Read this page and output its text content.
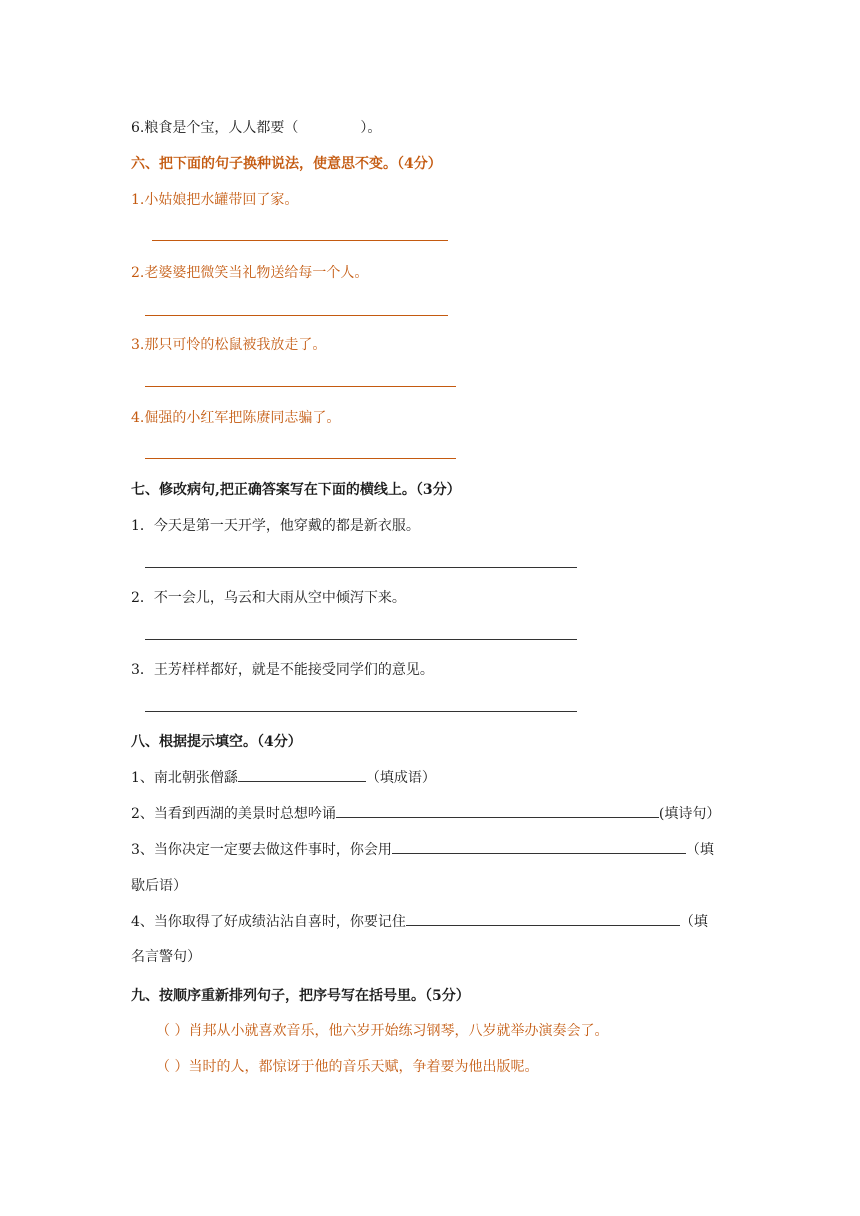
6.粮食是个宝，人人都要（	）。
六、把下面的句子换种说法，使意思不变。（4分）
1.小姑娘把水罐带回了家。
2.老婆婆把微笑当礼物送给每一个人。
3.那只可怜的松鼠被我放走了。
4.倔强的小红军把陈赓同志骗了。
七、修改病句,把正确答案写在下面的横线上。（3分）
1．今天是第一天开学，他穿戴的都是新衣服。
2．不一会儿，乌云和大雨从空中倾泻下来。
3．王芳样样都好，就是不能接受同学们的意见。
八、根据提示填空。（4分）
1、南北朝张僧繇	（填成语）
2、当看到西湖的美景时总想吟诵	(填诗句）
3、当你决定一定要去做这件事时，你会用	（填
歇后语）
4、当你取得了好成绩沾沾自喜时，你要记住	（填
名言警句）
九、按顺序重新排列句子，把序号写在括号里。（5分）
（ ）肖邦从小就喜欢音乐，他六岁开始练习钢琴，八岁就举办演奏会了。
（ ）当时的人，都惊讶于他的音乐天赋，争着要为他出版呢。
